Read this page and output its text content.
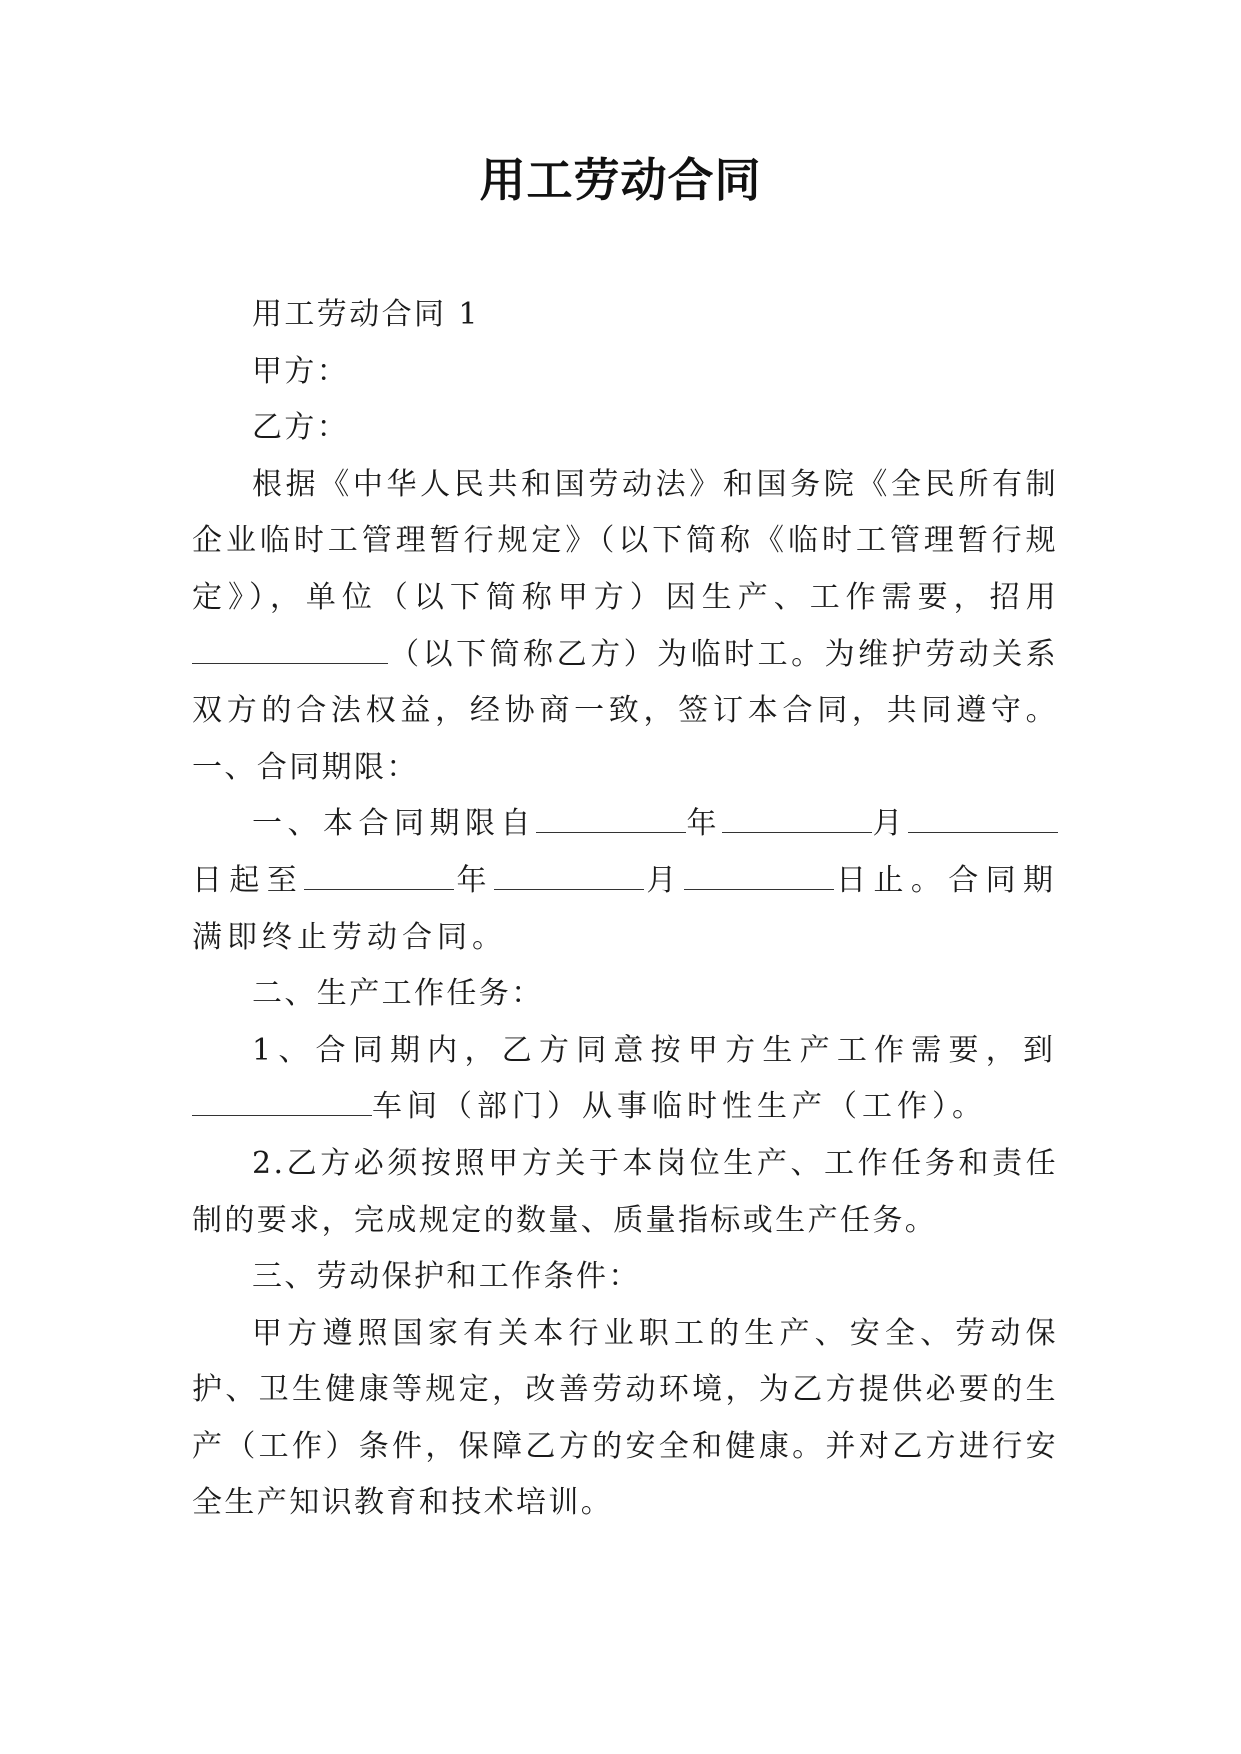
用工劳动合同

用工劳动合同 1

甲方：

乙方：

根据《中华人民共和国劳动法》和国务院《全民所有制企业临时工管理暂行规定》（以下简称《临时工管理暂行规定》），单位（以下简称甲方）因生产、工作需要，招用（以下简称乙方）为临时工。为维护劳动关系双方的合法权益，经协商一致，签订本合同，共同遵守。一、合同期限：

一、本合同期限自	年	月日起至	年	月	日止。合同期满即终止劳动合同。

二、生产工作任务：

1、合同期内，乙方同意按甲方生产工作需要，到车间（部门）从事临时性生产（工作）。

2.乙方必须按照甲方关于本岗位生产、工作任务和责任制的要求，完成规定的数量、质量指标或生产任务。

三、劳动保护和工作条件：

甲方遵照国家有关本行业职工的生产、安全、劳动保护、卫生健康等规定，改善劳动环境，为乙方提供必要的生产（工作）条件，保障乙方的安全和健康。并对乙方进行安全生产知识教育和技术培训。
